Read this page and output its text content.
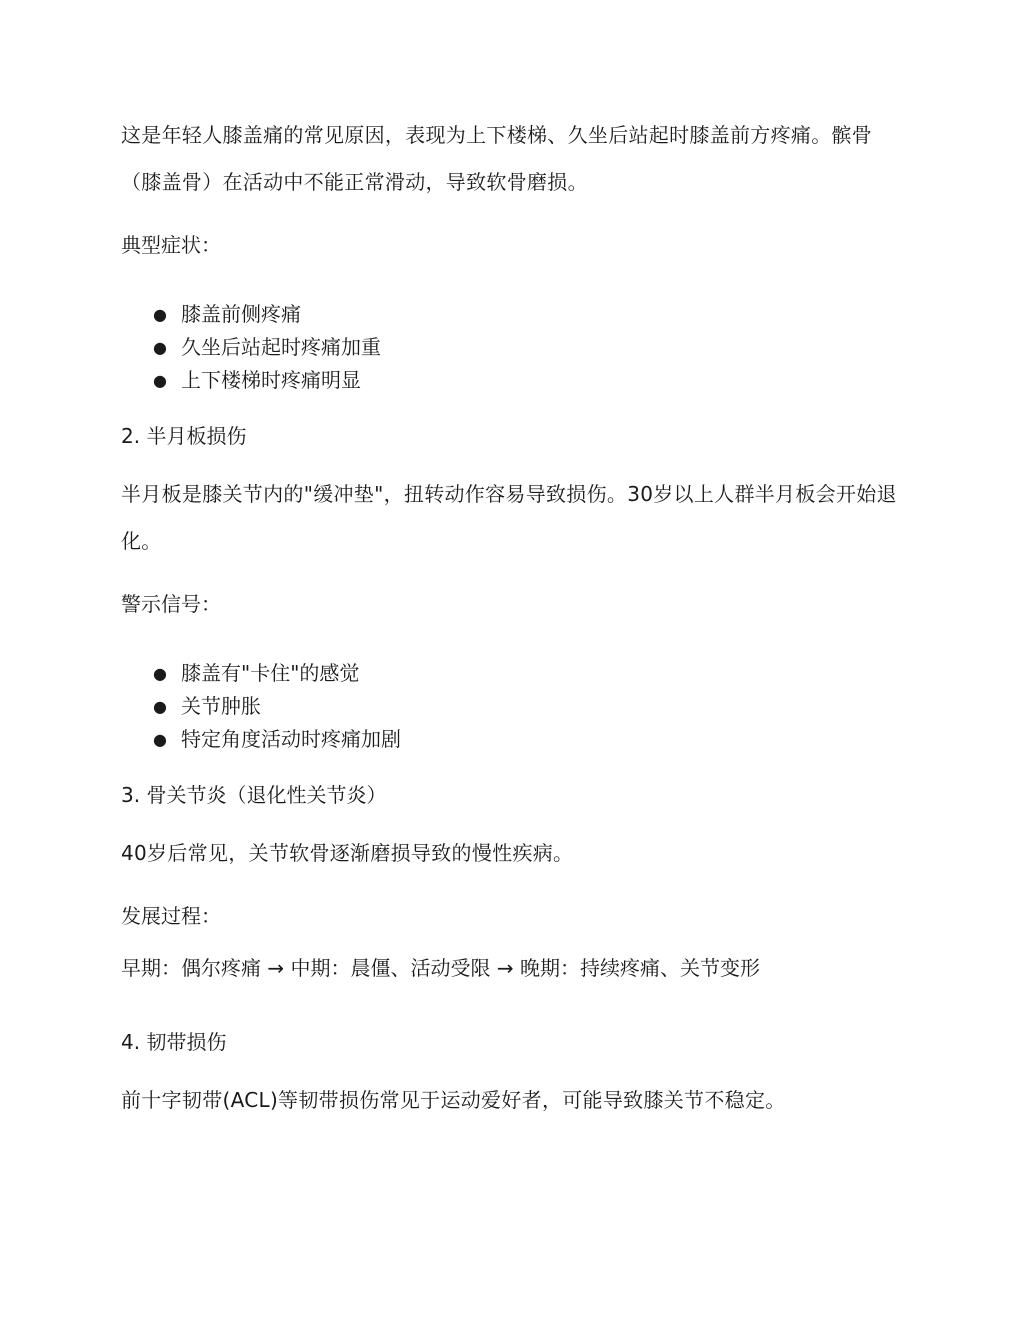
这是年轻人膝盖痛的常见原因，表现为上下楼梯、久坐后站起时膝盖前方疼痛。髌骨（膝盖骨）在活动中不能正常滑动，导致软骨磨损。

典型症状：

● 膝盖前侧疼痛
● 久坐后站起时疼痛加重
● 上下楼梯时疼痛明显

2. 半月板损伤

半月板是膝关节内的"缓冲垫"，扭转动作容易导致损伤。30岁以上人群半月板会开始退化。

警示信号：

● 膝盖有"卡住"的感觉
● 关节肿胀
● 特定角度活动时疼痛加剧

3. 骨关节炎（退化性关节炎）

40岁后常见，关节软骨逐渐磨损导致的慢性疾病。

发展过程：

早期：偶尔疼痛 → 中期：晨僵、活动受限 → 晚期：持续疼痛、关节变形

4. 韧带损伤

前十字韧带(ACL)等韧带损伤常见于运动爱好者，可能导致膝关节不稳定。
